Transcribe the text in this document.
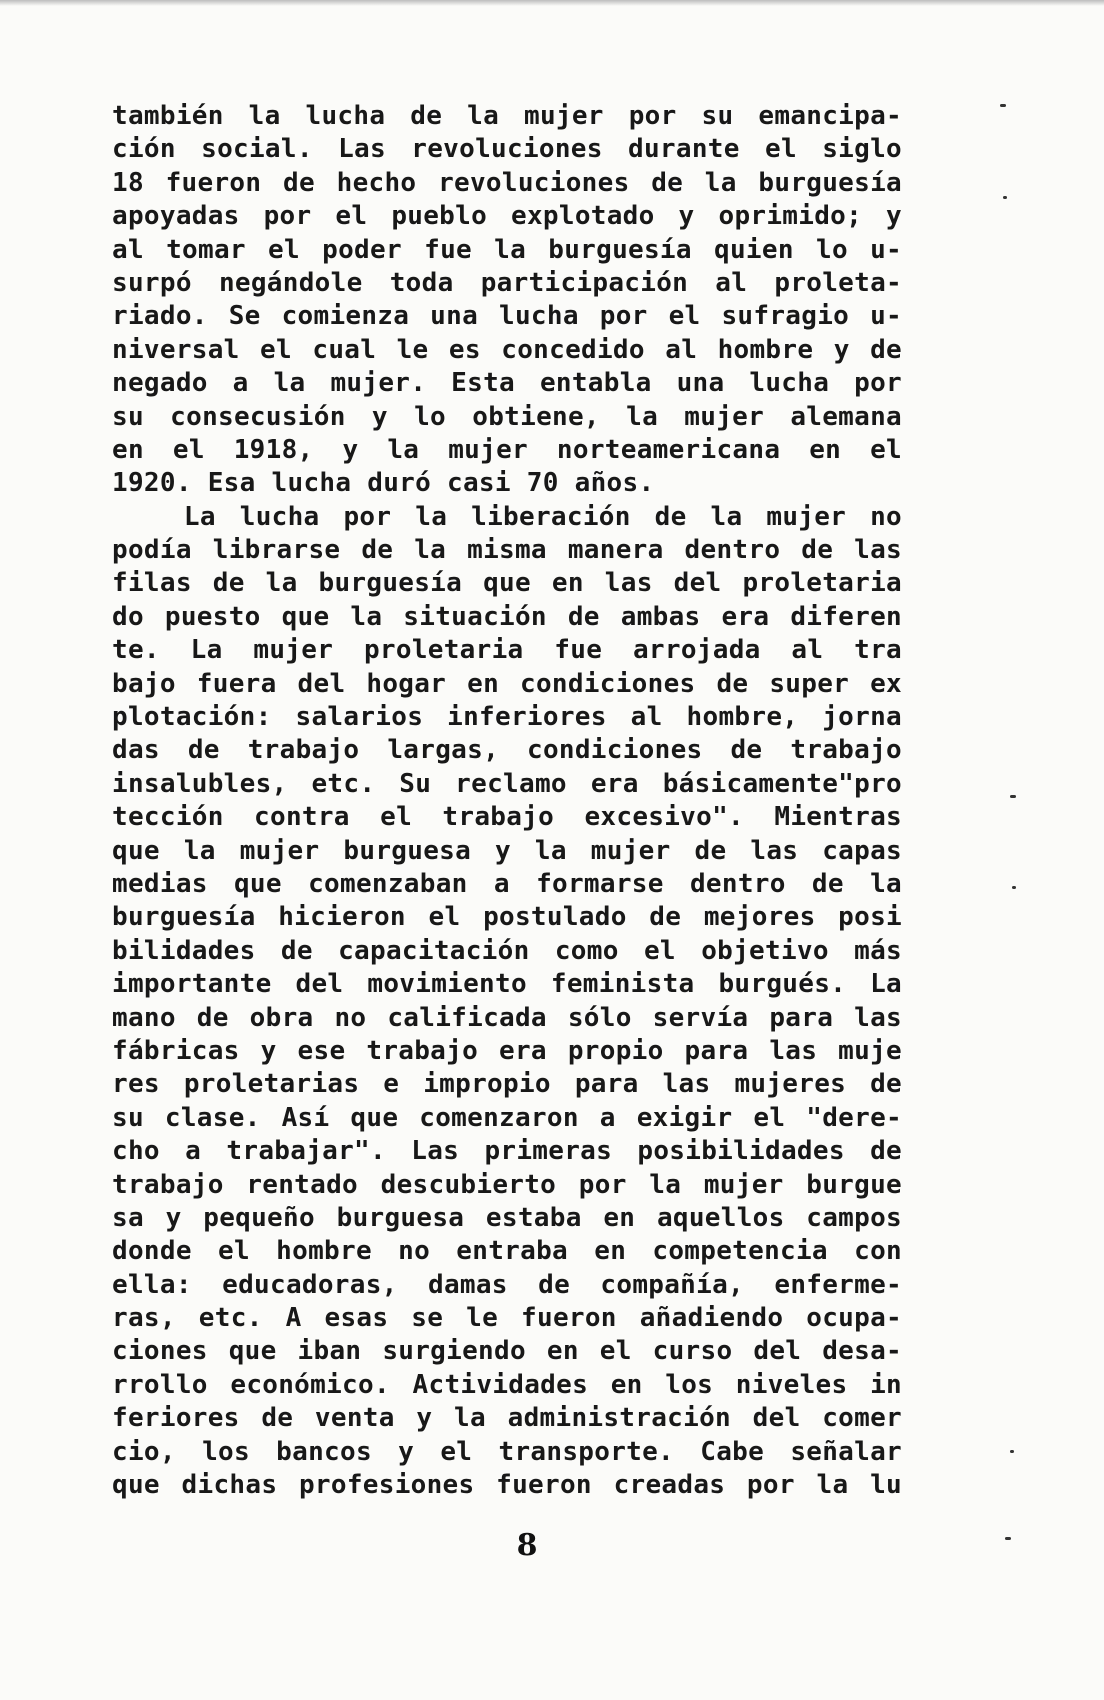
también la lucha de la mujer por su emancipa-
ción social. Las revoluciones durante el siglo
18 fueron de hecho revoluciones de la burguesía
apoyadas por el pueblo explotado y oprimido; y
al tomar el poder fue la burguesía quien lo u-
surpó negándole toda participación al proleta-
riado. Se comienza una lucha por el sufragio u-
niversal el cual le es concedido al hombre y de
negado a la mujer. Esta entabla una lucha por
su consecusión y lo obtiene, la mujer alemana
en el 1918, y la mujer norteamericana en el
1920. Esa lucha duró casi 70 años.
La lucha por la liberación de la mujer no
podía librarse de la misma manera dentro de las
filas de la burguesía que en las del proletaria
do puesto que la situación de ambas era diferen
te. La mujer proletaria fue arrojada al tra
bajo fuera del hogar en condiciones de super ex
plotación: salarios inferiores al hombre, jorna
das de trabajo largas, condiciones de trabajo
insalubles, etc. Su reclamo era básicamente"pro
tección contra el trabajo excesivo". Mientras
que la mujer burguesa y la mujer de las capas
medias que comenzaban a formarse dentro de la
burguesía hicieron el postulado de mejores posi
bilidades de capacitación como el objetivo más
importante del movimiento feminista burgués. La
mano de obra no calificada sólo servía para las
fábricas y ese trabajo era propio para las muje
res proletarias e impropio para las mujeres de
su clase. Así que comenzaron a exigir el "dere-
cho a trabajar". Las primeras posibilidades de
trabajo rentado descubierto por la mujer burgue
sa y pequeño burguesa estaba en aquellos campos
donde el hombre no entraba en competencia con
ella: educadoras, damas de compañía, enferme-
ras, etc. A esas se le fueron añadiendo ocupa-
ciones que iban surgiendo en el curso del desa-
rrollo económico. Actividades en los niveles in
feriores de venta y la administración del comer
cio, los bancos y el transporte. Cabe señalar
que dichas profesiones fueron creadas por la lu
8
